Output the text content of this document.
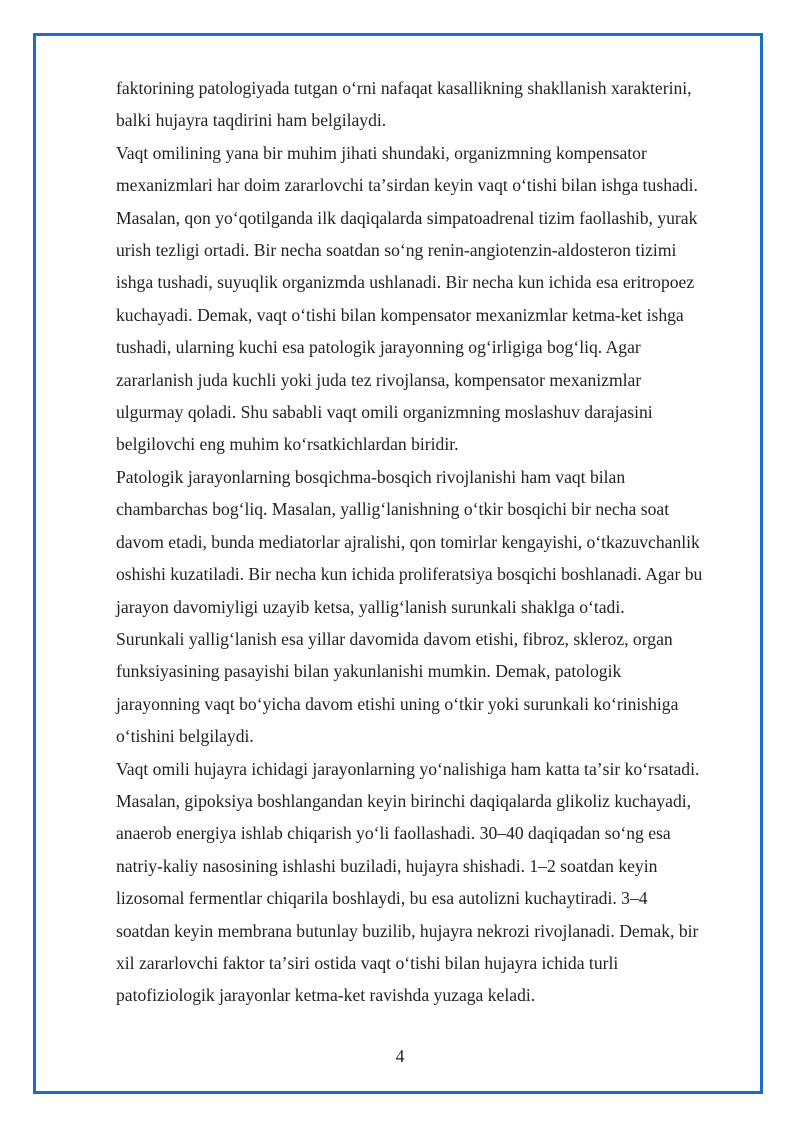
faktorining patologiyada tutgan oʻrni nafaqat kasallikning shakllanish xarakterini,
balki hujayra taqdirini ham belgilaydi.
Vaqt omilining yana bir muhim jihati shundaki, organizmning kompensator
mexanizmlari har doim zararlovchi taʼsirdan keyin vaqt oʻtishi bilan ishga tushadi.
Masalan, qon yoʻqotilganda ilk daqiqalarda simpatoadrenal tizim faollashib, yurak
urish tezligi ortadi. Bir necha soatdan soʻng renin-angiotenzin-aldosteron tizimi
ishga tushadi, suyuqlik organizmda ushlanadi. Bir necha kun ichida esa eritropoez
kuchayadi. Demak, vaqt oʻtishi bilan kompensator mexanizmlar ketma-ket ishga
tushadi, ularning kuchi esa patologik jarayonning ogʻirligiga bogʻliq. Agar
zararlanish juda kuchli yoki juda tez rivojlansa, kompensator mexanizmlar
ulgurmay qoladi. Shu sababli vaqt omili organizmning moslashuv darajasini
belgilovchi eng muhim koʻrsatkichlardan biridir.
Patologik jarayonlarning bosqichma-bosqich rivojlanishi ham vaqt bilan
chambarchas bogʻliq. Masalan, yalligʻlanishning oʻtkir bosqichi bir necha soat
davom etadi, bunda mediatorlar ajralishi, qon tomirlar kengayishi, oʻtkazuvchanlik
oshishi kuzatiladi. Bir necha kun ichida proliferatsiya bosqichi boshlanadi. Agar bu
jarayon davomiyligi uzayib ketsa, yalligʻlanish surunkali shaklga oʻtadi.
Surunkali yalligʻlanish esa yillar davomida davom etishi, fibroz, skleroz, organ
funksiyasining pasayishi bilan yakunlanishi mumkin. Demak, patologik
jarayonning vaqt boʻyicha davom etishi uning oʻtkir yoki surunkali koʻrinishiga
oʻtishini belgilaydi.
Vaqt omili hujayra ichidagi jarayonlarning yoʻnalishiga ham katta taʼsir koʻrsatadi.
Masalan, gipoksiya boshlangandan keyin birinchi daqiqalarda glikoliz kuchayadi,
anaerob energiya ishlab chiqarish yoʻli faollashadi. 30–40 daqiqadan soʻng esa
natriy-kaliy nasosining ishlashi buziladi, hujayra shishadi. 1–2 soatdan keyin
lizosomal fermentlar chiqarila boshlaydi, bu esa autolizni kuchaytiradi. 3–4
soatdan keyin membrana butunlay buzilib, hujayra nekrozi rivojlanadi. Demak, bir
xil zararlovchi faktor taʼsiri ostida vaqt oʻtishi bilan hujayra ichida turli
patofiziologik jarayonlar ketma-ket ravishda yuzaga keladi.
4
